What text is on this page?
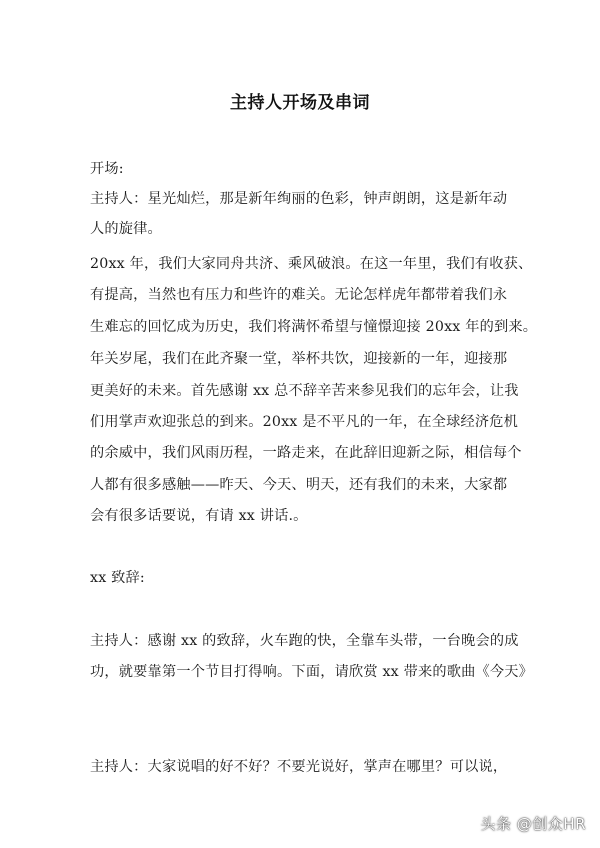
主持人开场及串词
开场:
主持人：星光灿烂，那是新年绚丽的色彩，钟声朗朗，这是新年动
人的旋律。
20xx 年，我们大家同舟共济、乘风破浪。在这一年里，我们有收获、
有提高，当然也有压力和些许的难关。无论怎样虎年都带着我们永
生难忘的回忆成为历史，我们将满怀希望与憧憬迎接 20xx 年的到来。
年关岁尾，我们在此齐聚一堂，举杯共饮，迎接新的一年，迎接那
更美好的未来。首先感谢 xx 总不辞辛苦来参见我们的忘年会，让我
们用掌声欢迎张总的到来。20xx 是不平凡的一年，在全球经济危机
的余威中，我们风雨历程，一路走来，在此辞旧迎新之际，相信每个
人都有很多感触——昨天、今天、明天，还有我们的未来，大家都
会有很多话要说，有请 xx 讲话.。
xx 致辞:
主持人：感谢 xx 的致辞，火车跑的快，全靠车头带，一台晚会的成
功，就要靠第一个节目打得响。下面，请欣赏 xx 带来的歌曲《今天》
主持人：大家说唱的好不好？不要光说好，掌声在哪里？可以说，
头条 @创众HR
